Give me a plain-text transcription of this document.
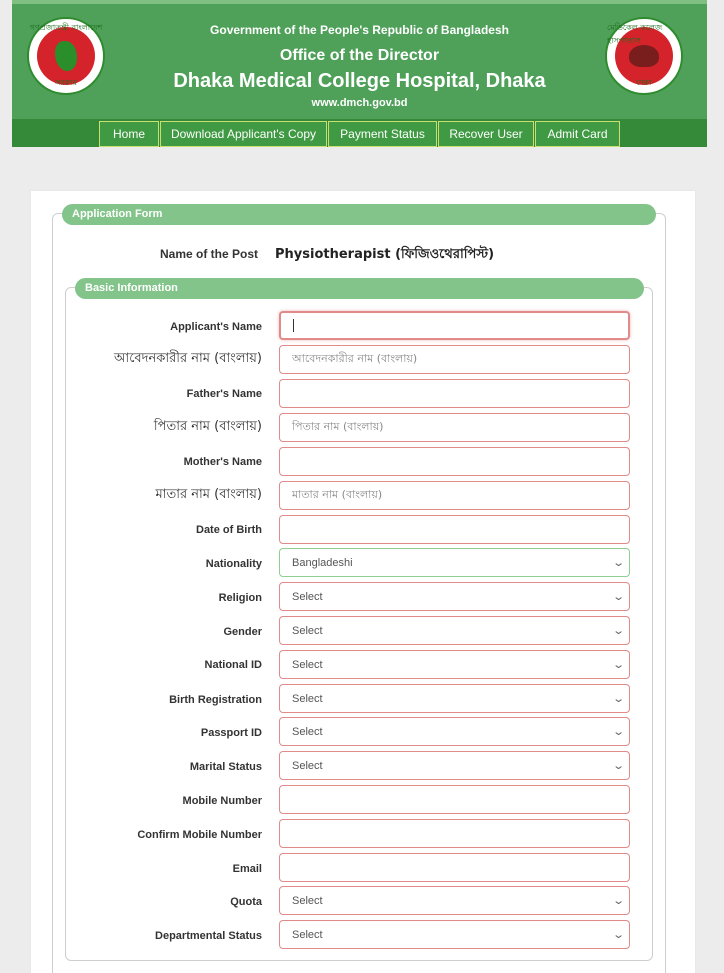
গণপ্রজাতন্ত্রী বাংলাদেশ
সরকার
Government of the People's Republic of Bangladesh
Office of the Director
Dhaka Medical College Hospital, Dhaka
www.dmch.gov.bd
মেডিকেল কলেজ হাসপাতাল
ঢাকা
Home	Download Applicant's Copy	Payment Status	Recover User	Admit Card
Application Form
Name of the Post Physiotherapist (ফিজিওথেরাপিস্ট)
Basic Information
Applicant's Name
আবেদনকারীর নাম (বাংলায়)	আবেদনকারীর নাম (বাংলায়)
Father's Name
পিতার নাম (বাংলায়)	পিতার নাম (বাংলায়)
Mother's Name
মাতার নাম (বাংলায়)	মাতার নাম (বাংলায়)
Date of Birth
Nationality	Bangladeshi	⌄
Religion	Select	⌄
Gender	Select	⌄
National ID	Select	⌄
Birth Registration	Select	⌄
Passport ID	Select	⌄
Marital Status	Select	⌄
Mobile Number
Confirm Mobile Number
Email
Quota	Select	⌄
Departmental Status	Select	⌄
